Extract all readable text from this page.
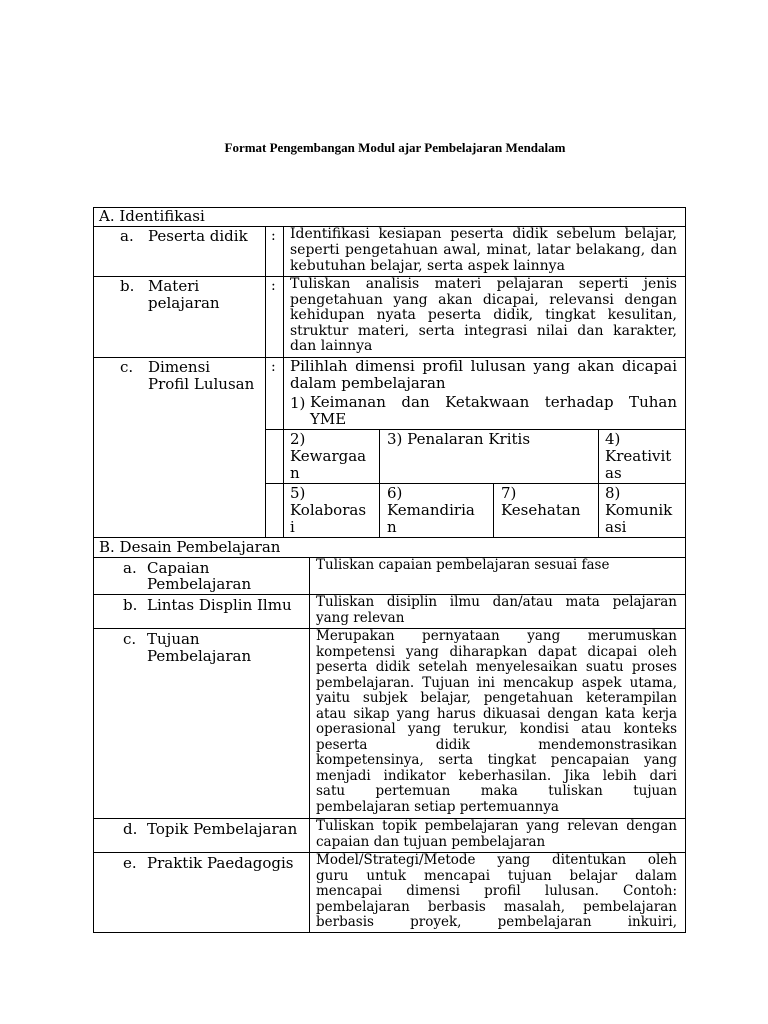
Format Pengembangan Modul ajar Pembelajaran Mendalam
A. Identifikasi
a. Peserta didik : Identifikasi kesiapan peserta didik sebelum belajar,
seperti pengetahuan awal, minat, latar belakang, dan
kebutuhan belajar, serta aspek lainnya
b. Materi
pelajaran
: Tuliskan analisis materi pelajaran seperti jenis
pengetahuan yang akan dicapai, relevansi dengan
kehidupan nyata peserta didik, tingkat kesulitan,
struktur materi, serta integrasi nilai dan karakter,
dan lainnya
c. Dimensi
Profil Lulusan
: Pilihlah dimensi profil lulusan yang akan dicapai
dalam pembelajaran
1) Keimanan dan Ketakwaan terhadap Tuhan
YME
2)
Kewargaa
n
3) Penalaran Kritis	4)
Kreativit
as
5)
Kolaboras
i
6)
Kemandiria
n
7)
Kesehatan
8)
Komunik
asi
B. Desain Pembelajaran
a. Capaian
Pembelajaran
Tuliskan capaian pembelajaran sesuai fase
b. Lintas Displin Ilmu Tuliskan disiplin ilmu dan/atau mata pelajaran
yang relevan
c. Tujuan
Pembelajaran
Merupakan pernyataan yang merumuskan
kompetensi yang diharapkan dapat dicapai oleh
peserta didik setelah menyelesaikan suatu proses
pembelajaran. Tujuan ini mencakup aspek utama,
yaitu subjek belajar, pengetahuan keterampilan
atau sikap yang harus dikuasai dengan kata kerja
operasional yang terukur, kondisi atau konteks
peserta didik mendemonstrasikan
kompetensinya, serta tingkat pencapaian yang
menjadi indikator keberhasilan. Jika lebih dari
satu pertemuan maka tuliskan tujuan
pembelajaran setiap pertemuannya
d. Topik Pembelajaran Tuliskan topik pembelajaran yang relevan dengan
capaian dan tujuan pembelajaran
e. Praktik Paedagogis Model/Strategi/Metode yang ditentukan oleh
guru untuk mencapai tujuan belajar dalam
mencapai dimensi profil lulusan. Contoh:
pembelajaran berbasis masalah, pembelajaran
berbasis proyek, pembelajaran inkuiri,
